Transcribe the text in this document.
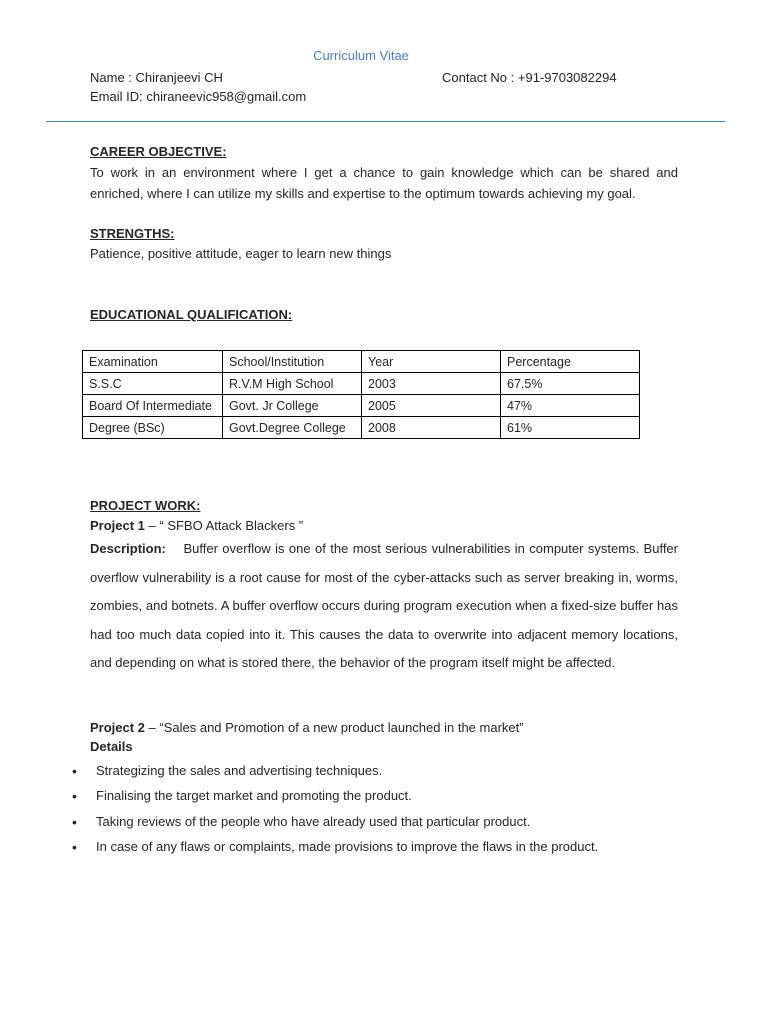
Curriculum Vitae
Name : Chiranjeevi CH	Contact No : +91-9703082294
Email ID: chiraneevic958@gmail.com
CAREER OBJECTIVE:
To work in an environment where I get a chance to gain knowledge which can be shared and enriched, where I can utilize my skills and expertise to the optimum towards achieving my goal.
STRENGTHS:
Patience, positive attitude, eager to learn new things
EDUCATIONAL QUALIFICATION:
Examination	School/Institution	Year	Percentage
S.S.C	R.V.M High School	2003	67.5%
Board Of Intermediate	Govt. Jr College	2005	47%
Degree (BSc)	Govt.Degree College	2008	61%
PROJECT WORK:
Project 1 – “ SFBO Attack Blackers ”
Description: Buffer overflow is one of the most serious vulnerabilities in computer systems. Buffer overflow vulnerability is a root cause for most of the cyber-attacks such as server breaking in, worms, zombies, and botnets. A buffer overflow occurs during program execution when a fixed-size buffer has had too much data copied into it. This causes the data to overwrite into adjacent memory locations, and depending on what is stored there, the behavior of the program itself might be affected.
Project 2 – “Sales and Promotion of a new product launched in the market”
Details
•	Strategizing the sales and advertising techniques.
•	Finalising the target market and promoting the product.
•	Taking reviews of the people who have already used that particular product.
•	In case of any flaws or complaints, made provisions to improve the flaws in the product.
